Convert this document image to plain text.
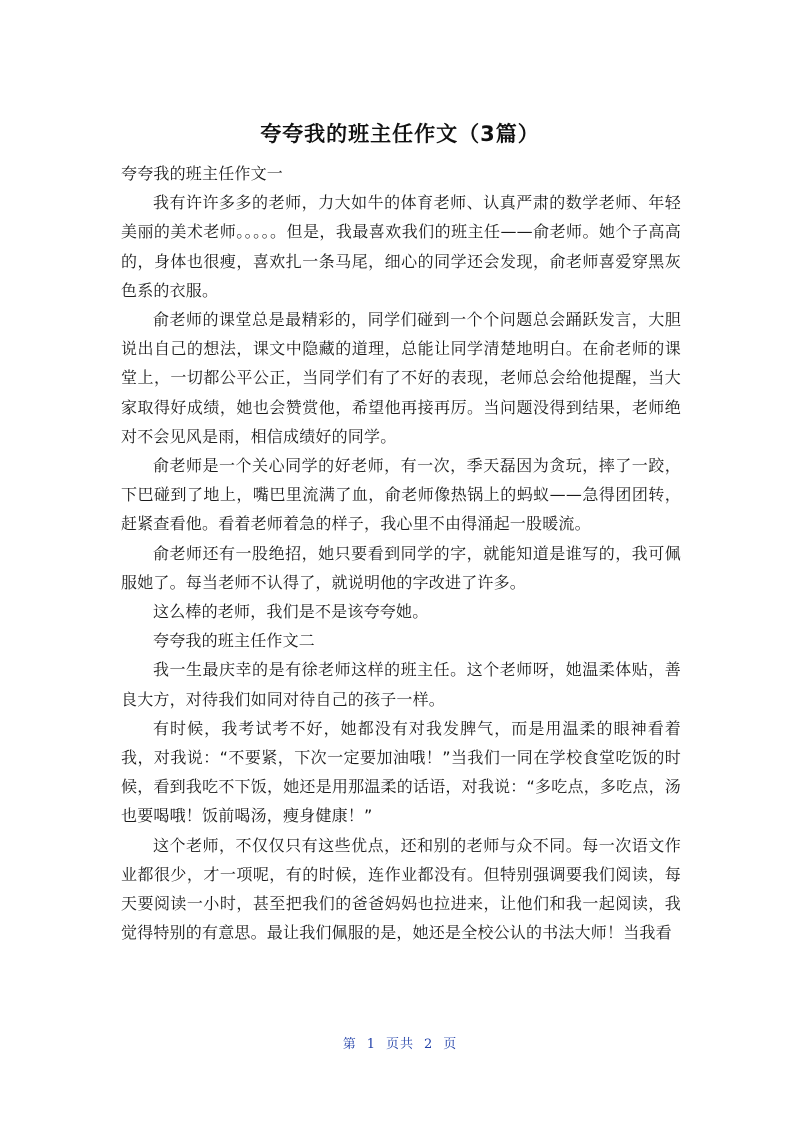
夸夸我的班主任作文（3篇）

夸夸我的班主任作文一

我有许许多多的老师，力大如牛的体育老师、认真严肃的数学老师、年轻美丽的美术老师。。。。。但是，我最喜欢我们的班主任——俞老师。她个子高高的，身体也很瘦，喜欢扎一条马尾，细心的同学还会发现，俞老师喜爱穿黑灰色系的衣服。

俞老师的课堂总是最精彩的，同学们碰到一个个问题总会踊跃发言，大胆说出自己的想法，课文中隐藏的道理，总能让同学清楚地明白。在俞老师的课堂上，一切都公平公正，当同学们有了不好的表现，老师总会给他提醒，当大家取得好成绩，她也会赞赏他，希望他再接再厉。当问题没得到结果，老师绝对不会见风是雨，相信成绩好的同学。

俞老师是一个关心同学的好老师，有一次，季天磊因为贪玩，摔了一跤，下巴碰到了地上，嘴巴里流满了血，俞老师像热锅上的蚂蚁——急得团团转，赶紧查看他。看着老师着急的样子，我心里不由得涌起一股暖流。

俞老师还有一股绝招，她只要看到同学的字，就能知道是谁写的，我可佩服她了。每当老师不认得了，就说明他的字改进了许多。

这么棒的老师，我们是不是该夸夸她。

夸夸我的班主任作文二

我一生最庆幸的是有徐老师这样的班主任。这个老师呀，她温柔体贴，善良大方，对待我们如同对待自己的孩子一样。

有时候，我考试考不好，她都没有对我发脾气，而是用温柔的眼神看着我，对我说：“不要紧，下次一定要加油哦！”当我们一同在学校食堂吃饭的时候，看到我吃不下饭，她还是用那温柔的话语，对我说：“多吃点，多吃点，汤也要喝哦！饭前喝汤，瘦身健康！”

这个老师，不仅仅只有这些优点，还和别的老师与众不同。每一次语文作业都很少，才一项呢，有的时候，连作业都没有。但特别强调要我们阅读，每天要阅读一小时，甚至把我们的爸爸妈妈也拉进来，让他们和我一起阅读，我觉得特别的有意思。最让我们佩服的是，她还是全校公认的书法大师！当我看

第 1 页共 2 页
